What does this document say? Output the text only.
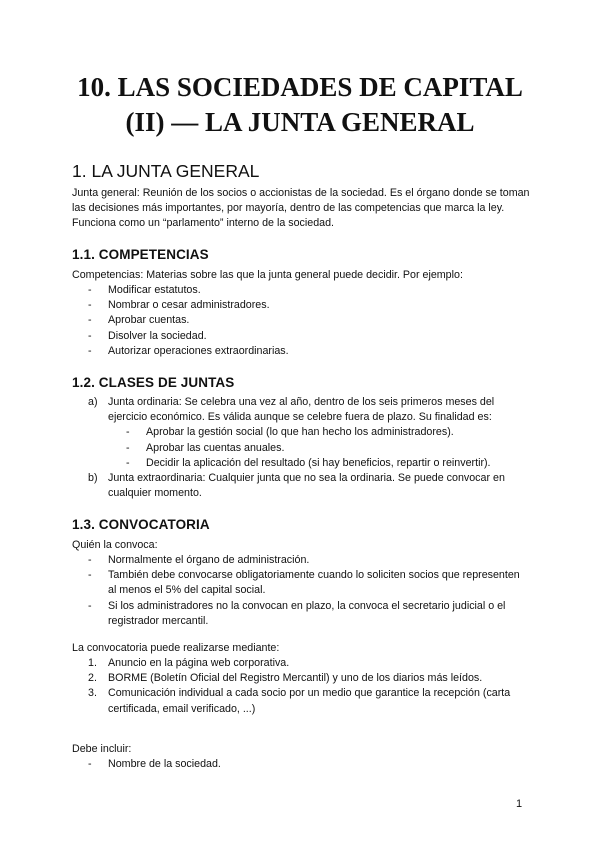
10. LAS SOCIEDADES DE CAPITAL
(II) — LA JUNTA GENERAL
1. LA JUNTA GENERAL

Junta general: Reunión de los socios o accionistas de la sociedad. Es el órgano donde se toman las decisiones más importantes, por mayoría, dentro de las competencias que marca la ley. Funciona como un “parlamento” interno de la sociedad.

1.1. COMPETENCIAS

Competencias: Materias sobre las que la junta general puede decidir. Por ejemplo:

- Modificar estatutos.
- Nombrar o cesar administradores.
- Aprobar cuentas.
- Disolver la sociedad.
- Autorizar operaciones extraordinarias.
1.2. CLASES DE JUNTAS
a) Junta ordinaria: Se celebra una vez al año, dentro de los seis primeros meses del ejercicio económico. Es válida aunque se celebre fuera de plazo. Su finalidad es:
- Aprobar la gestión social (lo que han hecho los administradores).
- Aprobar las cuentas anuales.
- Decidir la aplicación del resultado (si hay beneficios, repartir o reinvertir).
b) Junta extraordinaria: Cualquier junta que no sea la ordinaria. Se puede convocar en cualquier momento.
1.3. CONVOCATORIA

Quién la convoca:

- Normalmente el órgano de administración.
- También debe convocarse obligatoriamente cuando lo soliciten socios que representen al menos el 5% del capital social.
- Si los administradores no la convocan en plazo, la convoca el secretario judicial o el registrador mercantil.

La convocatoria puede realizarse mediante:

1. Anuncio en la página web corporativa.
2. BORME (Boletín Oficial del Registro Mercantil) y uno de los diarios más leídos.
3. Comunicación individual a cada socio por un medio que garantice la recepción (carta certificada, email verificado, ...)

Debe incluir:

- Nombre de la sociedad.
1
